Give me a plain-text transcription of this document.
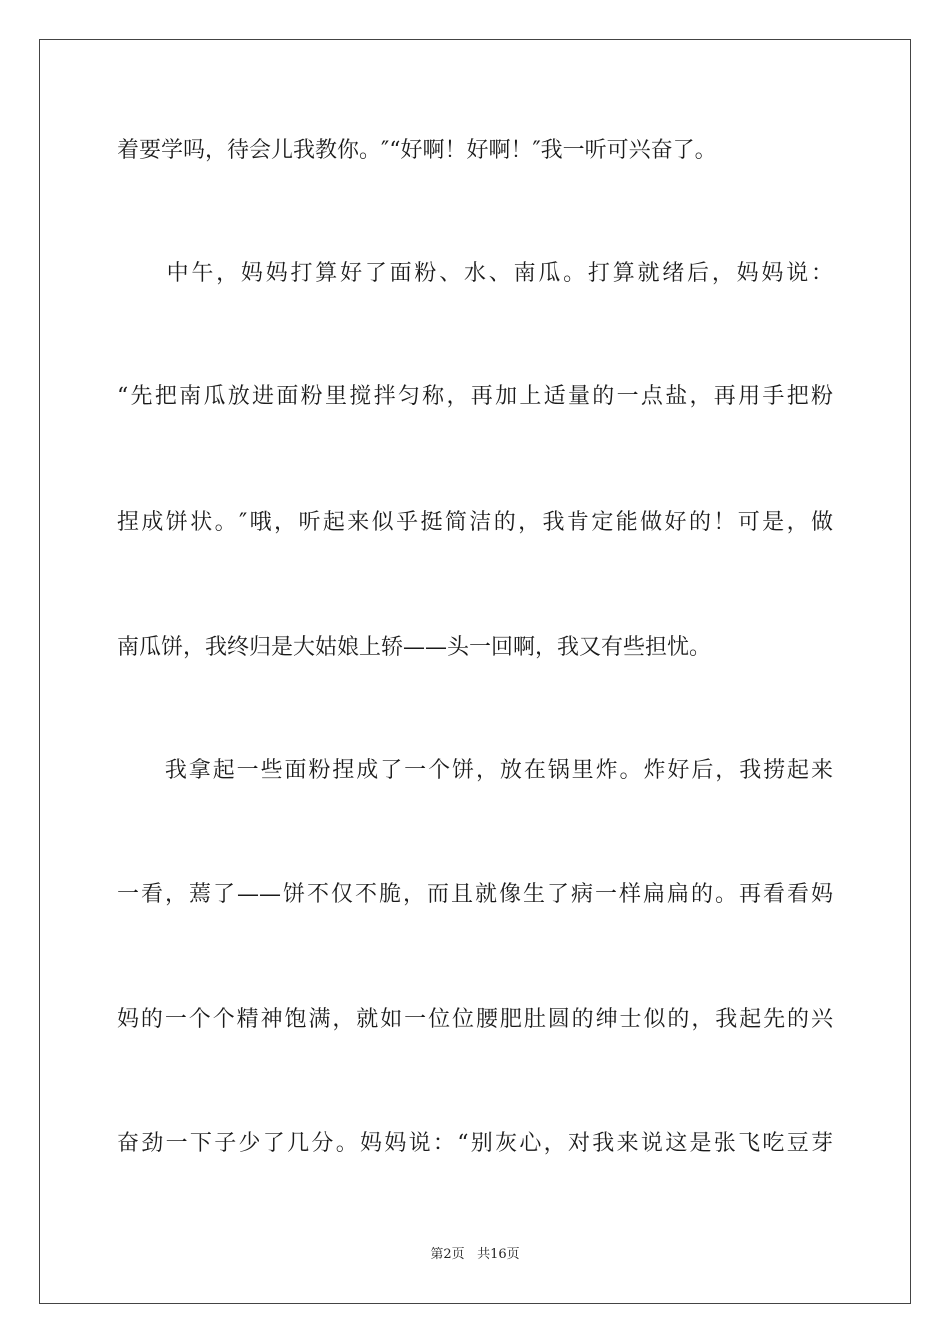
着要学吗，待会儿我教你。″“好啊！好啊！″我一听可兴奋了。
　　中午，妈妈打算好了面粉、水、南瓜。打算就绪后，妈妈说：
“先把南瓜放进面粉里搅拌匀称，再加上适量的一点盐，再用手把粉
捏成饼状。″哦，听起来似乎挺简洁的，我肯定能做好的！可是，做
南瓜饼，我终归是大姑娘上轿——头一回啊，我又有些担忧。
　　我拿起一些面粉捏成了一个饼，放在锅里炸。炸好后，我捞起来
一看，蔫了——饼不仅不脆，而且就像生了病一样扁扁的。再看看妈
妈的一个个精神饱满，就如一位位腰肥肚圆的绅士似的，我起先的兴
奋劲一下子少了几分。妈妈说：“别灰心，对我来说这是张飞吃豆芽
第2页 共16页
